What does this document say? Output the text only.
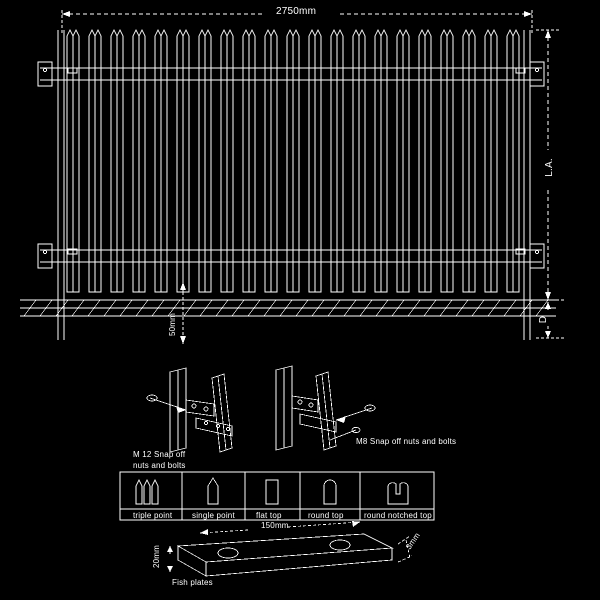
2750mm
L.A.
D
50mm
M 12 Snap off
nuts and bolts
M8 Snap off nuts and bolts
triple point single point	flat top	round top	round notched top
150mm
20mm
3mm
Fish plates
